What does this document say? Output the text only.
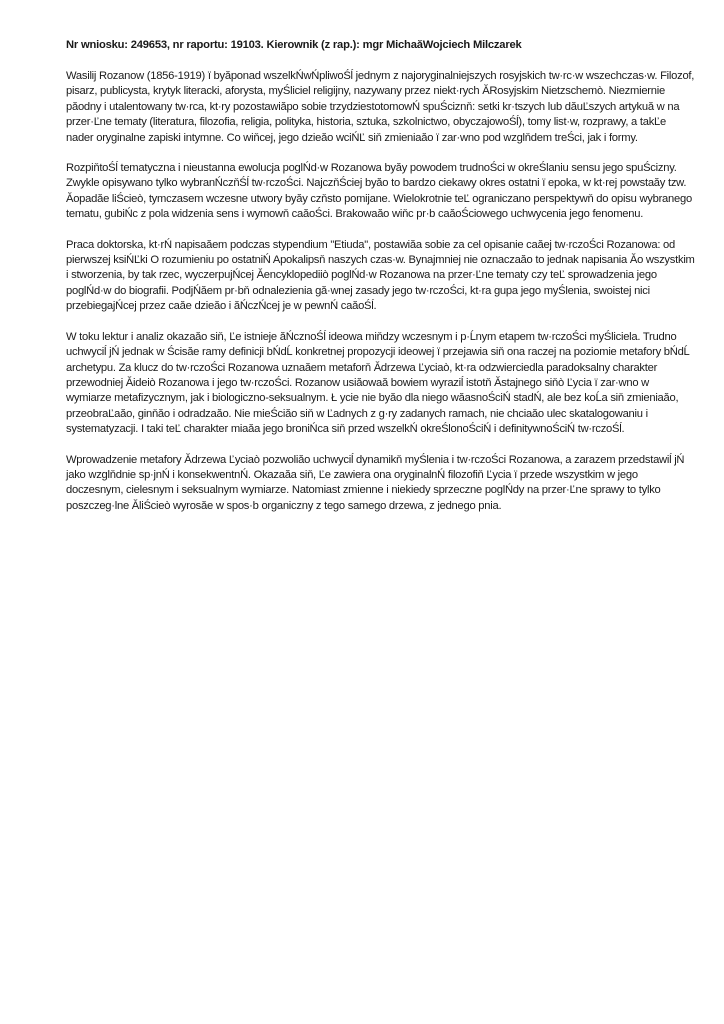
Nr wniosku: 249653, nr raportu: 19103. Kierownik (z rap.): mgr MichaăWojciech Milczarek

Wasilij Rozanow (1856-1919) ï byăponad wszelkŃwŃpliwoŚĺ jednym z najoryginalniejszych rosyjskich tw·rc·w wszechczas·w. Filozof, pisarz, publicysta, krytyk literacki, aforysta, myŚliciel religijny, nazywany przez niekt·rych ĂRosyjskim Nietzschemò. Niezmiernie păodny i utalentowany tw·rca, kt·ry pozostawiăpo sobie trzydziestotomowŃ spuŚciznň: setki kr·tszych lub dăuĽszych artykuă w na przer·Ľne tematy (literatura, filozofia, religia, polityka, historia, sztuka, szkolnictwo, obyczajowoŚĺ), tomy list·w, rozprawy, a takĽe nader oryginalne zapiski intymne. Co wiňcej, jego dzieăo wciŃĽ siň zmieniaăo ï zar·wno pod wzglňdem treŚci, jak i formy.

RozpiňtoŚĺ tematyczna i nieustanna ewolucja poglŃd·w Rozanowa byăy powodem trudnoŚci w okreŚlaniu sensu jego spuŚcizny. Zwykle opisywano tylko wybranŃczňŚĺ tw·rczoŚci. NajczňŚciej byăo to bardzo ciekawy okres ostatni ï epoka, w kt·rej powstaăy tzw. Ăopadăe liŚcieò, tymczasem wczesne utwory byăy czňsto pomijane. Wielokrotnie teĽ ograniczano perspektywň do opisu wybranego tematu, gubiŃc z pola widzenia sens i wymowň caăoŚci. Brakowaăo wiňc pr·b caăoŚciowego uchwycenia jego fenomenu.

Praca doktorska, kt·rŃ napisaăem podczas stypendium "Etiuda", postawiăa sobie za cel opisanie caăej tw·rczoŚci Rozanowa: od pierwszej ksiŃĽki O rozumieniu po ostatniŃ Apokalipsň naszych czas·w. Bynajmniej nie oznaczaăo to jednak napisania Ăo wszystkim i stworzenia, by tak rzec, wyczerpujŃcej Ăencyklopediiò poglŃd·w Rozanowa na przer·Ľne tematy czy teĽ sprowadzenia jego poglŃd·w do biografii. PodjŃăem pr·bň odnalezienia gă·wnej zasady jego tw·rczoŚci, kt·ra gupa jego myŚlenia, swoistej nici przebiegajŃcej przez caăe dzieăo i ăŃczŃcej je w pewnŃ caăoŚĺ.

W toku lektur i analiz okazaăo siň, Ľe istnieje ăŃcznoŚĺ ideowa miňdzy wczesnym i p·Ĺnym etapem tw·rczoŚci myŚliciela. Trudno uchwyciĺ jŃ jednak w Ścisăe ramy definicji bŃdĹ konkretnej propozycji ideowej ï przejawia siň ona raczej na poziomie metafory bŃdĹ archetypu. Za klucz do tw·rczoŚci Rozanowa uznaăem metaforň Ădrzewa Ľyciaò, kt·ra odzwierciedla paradoksalny charakter przewodniej Ăideiò Rozanowa i jego tw·rczoŚci. Rozanow usiăowaă bowiem wyraziĺ istotň Ăstajnego siňò Ľycia ï zar·wno w wymiarze metafizycznym, jak i biologiczno-seksualnym. Ł ycie nie byăo dla niego wăasnoŚciŃ stadŃ, ale bez koĹa siň zmieniaăo, przeobraĽaăo, ginňăo i odradzaăo. Nie mieŚciăo siň w Ľadnych z g·ry zadanych ramach, nie chciaăo ulec skatalogowaniu i systematyzacji. I taki teĽ charakter miaăa jego broniŃca siň przed wszelkŃ okreŚlonoŚciŃ i definitywnoŚciŃ tw·rczoŚĺ.

Wprowadzenie metafory Ădrzewa Ľyciaò pozwoliăo uchwyciĺ dynamikň myŚlenia i tw·rczoŚci Rozanowa, a zarazem przedstawiĺ jŃ jako wzglňdnie sp·jnŃ i konsekwentnŃ. Okazaăa siň, Ľe zawiera ona oryginalnŃ filozofiň Ľycia ï przede wszystkim w jego doczesnym, cielesnym i seksualnym wymiarze. Natomiast zmienne i niekiedy sprzeczne poglŃdy na przer·Ľne sprawy to tylko poszczeg·lne ĂliŚcieò wyrosăe w spos·b organiczny z tego samego drzewa, z jednego pnia.
